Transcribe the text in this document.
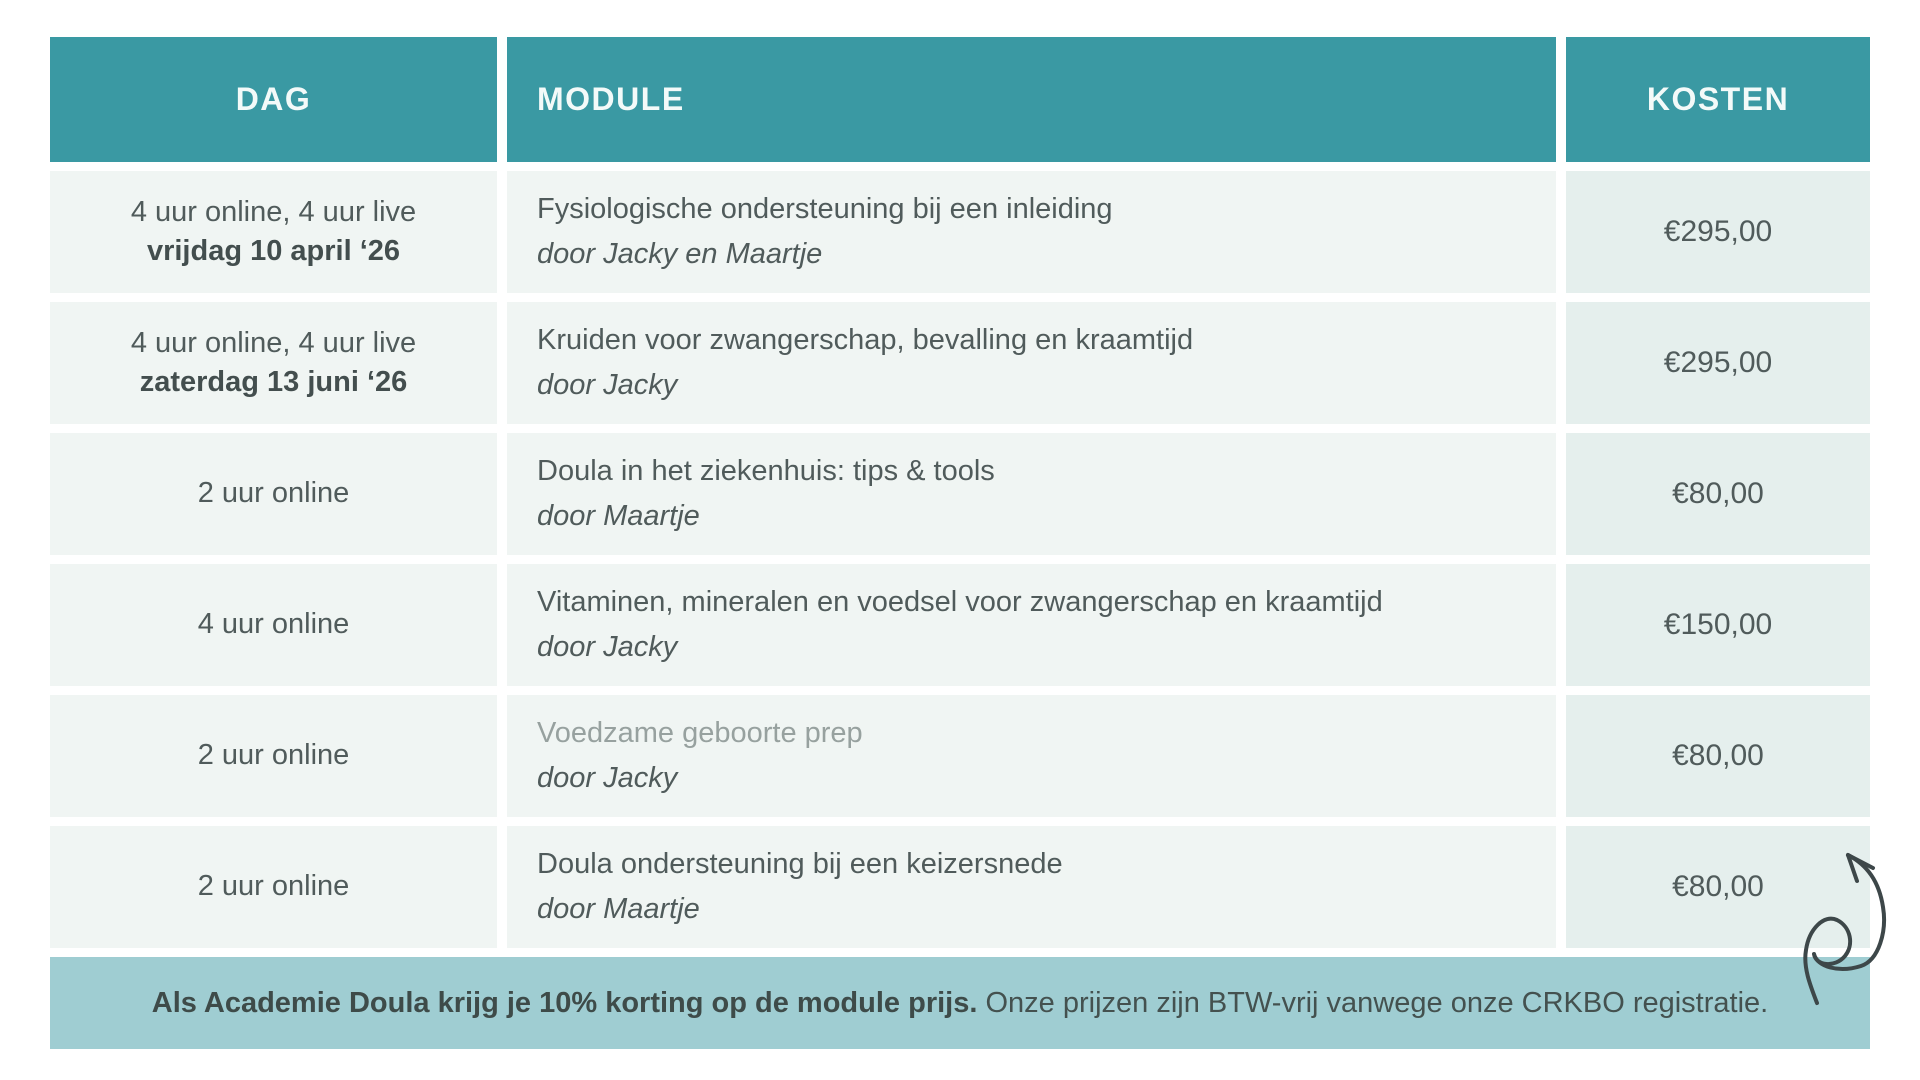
DAG	MODULE	KOSTEN
4 uur online, 4 uur live
vrijdag 10 april ‘26
Fysiologische ondersteuning bij een inleiding
door Jacky en Maartje
€295,00
4 uur online, 4 uur live
zaterdag 13 juni ‘26
Kruiden voor zwangerschap, bevalling en kraamtijd
door Jacky
€295,00
2 uur online
Doula in het ziekenhuis: tips & tools
door Maartje
€80,00
4 uur online
Vitaminen, mineralen en voedsel voor zwangerschap en kraamtijd
door Jacky
€150,00
2 uur online
Voedzame geboorte prep
door Jacky
€80,00
2 uur online
Doula ondersteuning bij een keizersnede
door Maartje
€80,00
Als Academie Doula krijg je 10% korting op de module prijs.
Onze prijzen zijn BTW-vrij vanwege onze CRKBO registratie.
